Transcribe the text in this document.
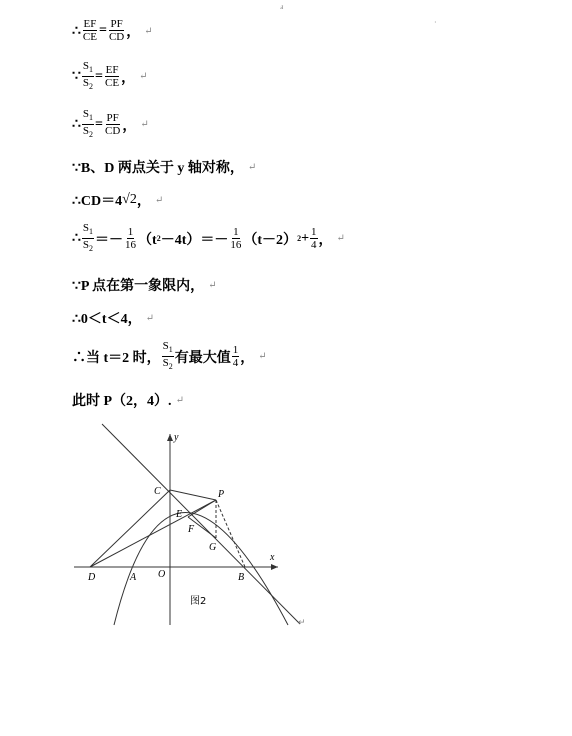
ⅎ
·
∴ $\frac{EF}{CE} = \frac{PF}{CD}$ ， ↵
∵ $\frac{S_1}{S_2} = \frac{EF}{CE}$ ， ↵
∴ $\frac{S_1}{S_2} = \frac{PF}{CD}$ ， ↵
∵B、D 两点关于 y 轴对称， ↵
∴CD＝4 √2 ， ↵
∴ $\frac{S_1}{S_2} =- \frac{1}{16} (t$ $2 -4t)=- \frac{1}{16} (t-2) 2 + \frac{1}{4}$ ， ↵
∵P 点在第一象限内， ↵
∴0＜t＜4， ↵
∴当 t＝2 时， $\frac{S_1}{S_2}$ 有最大值 $\frac{1}{4}$ ， ↵
此时 P（2，4）. ↵
y
x
C	P
E
F
G
D	A O	B
图2
↵
